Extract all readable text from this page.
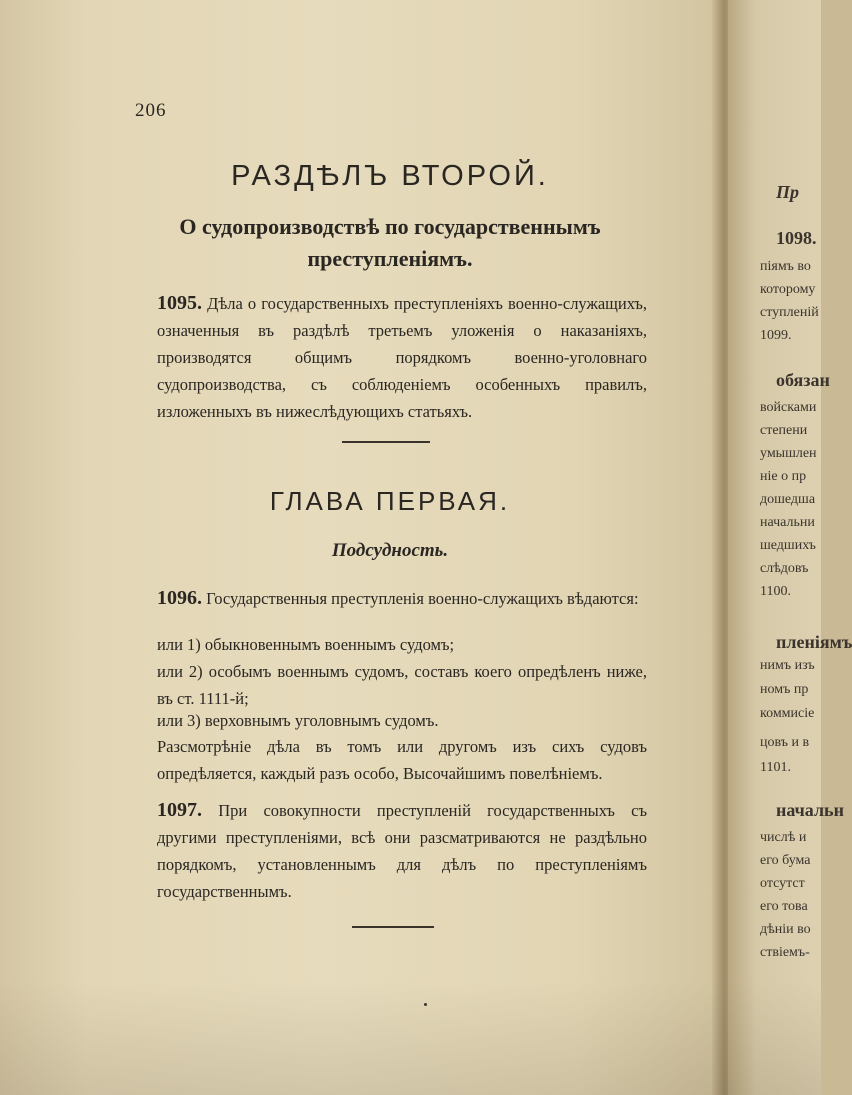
206
РАЗДѢЛЪ ВТОРОЙ.
О судопроизводствѣ по государственнымъ
преступленіямъ.
1095. Дѣла о государственныхъ преступленіяхъ военно-служащихъ, означенныя въ раздѣлѣ третьемъ уложенія о наказаніяхъ, производятся общимъ порядкомъ военно-уголовнаго судопроизводства, съ соблюденіемъ особенныхъ правилъ, изложенныхъ въ нижеслѣдующихъ статьяхъ.
ГЛАВА ПЕРВАЯ.
Подсудность.
1096. Государственныя преступленія военно-служащихъ вѣдаются:
или 1) обыкновеннымъ военнымъ судомъ;
или 2) особымъ военнымъ судомъ, составъ коего опредѣленъ ниже, въ ст. 1111-й;
или 3) верховнымъ уголовнымъ судомъ.
Разсмотрѣніе дѣла въ томъ или другомъ изъ сихъ судовъ опредѣляется, каждый разъ особо, Высочайшимъ повелѣніемъ.
1097. При совокупности преступленій государственныхъ съ другими преступленіями, всѣ они разсматриваются не раздѣльно порядкомъ, установленнымъ для дѣлъ по преступленіямъ государственнымъ.
Пр
1098.
піямъ во
которому
ступленій
1099.
обязан
войсками
степени
умышлен
ніе о пр
дошедша
начальни
шедшихъ
слѣдовъ
1100.
пленіямъ
нимъ изъ
номъ пр
коммисіе
цовъ и в
1101.
начальн
числѣ и
его бума
отсутст
его това
дѣніи во
ствіемъ-
